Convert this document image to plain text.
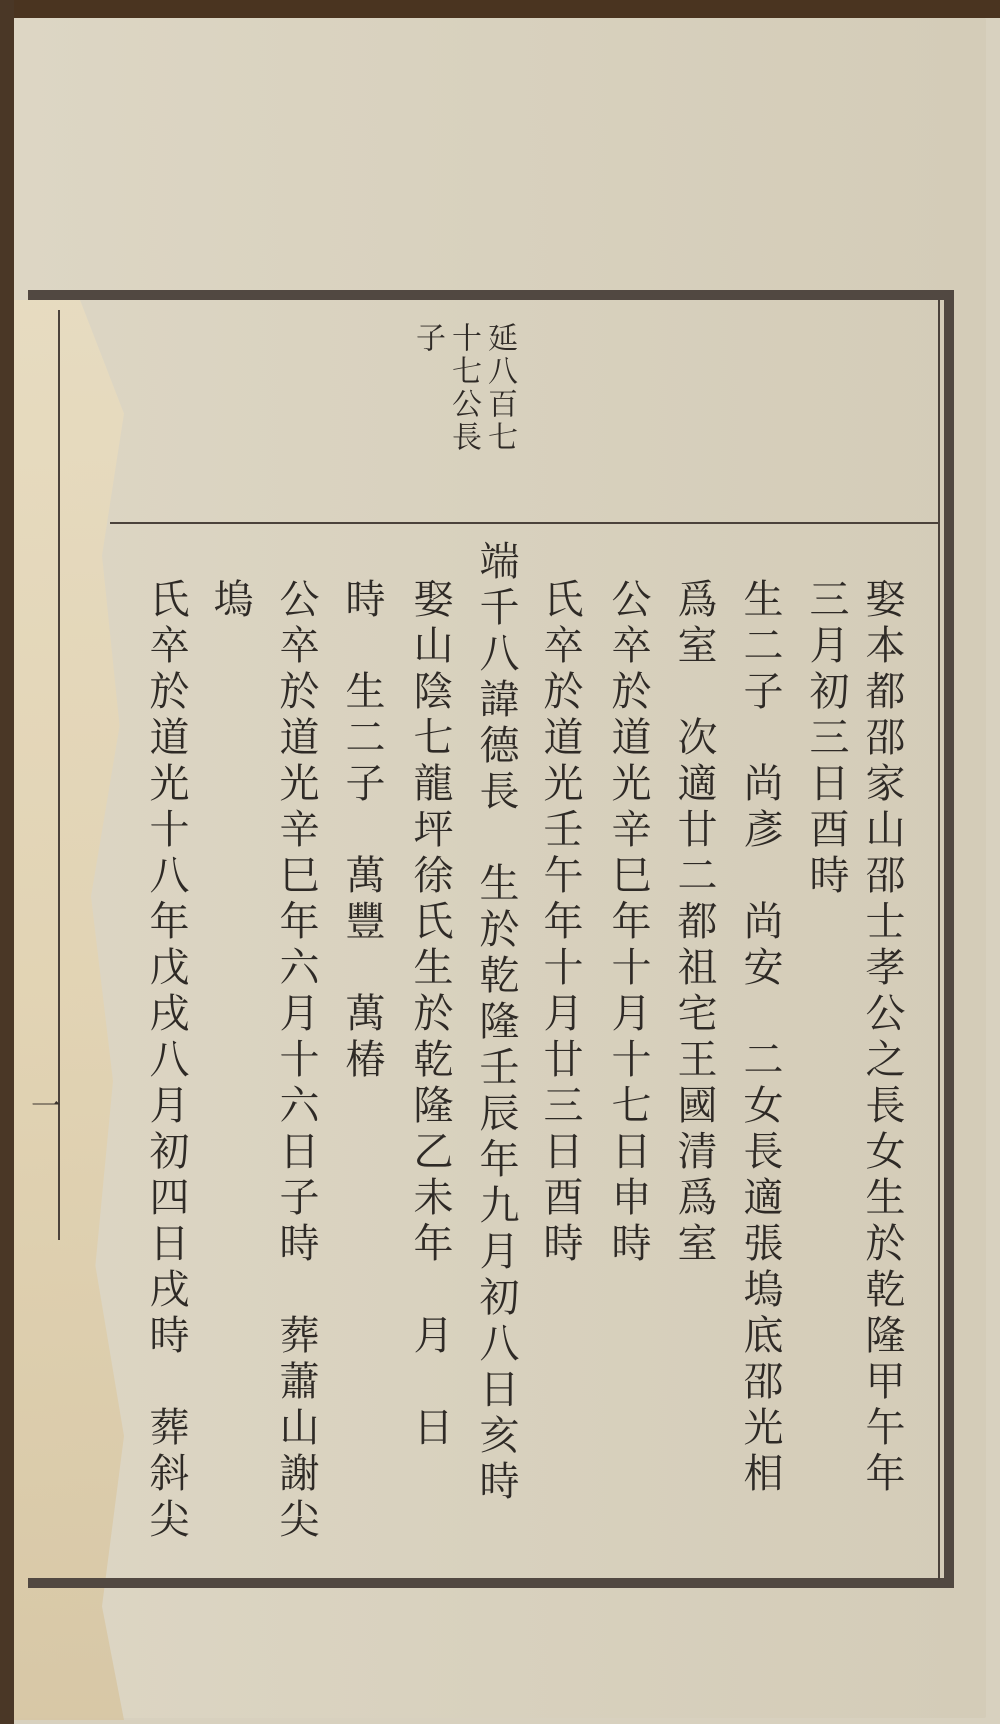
延八百七
十七公長
子
娶本都邵家山邵士孝公之長女生於乾隆甲午年
三月初三日酉時
生二子　尚彥　尚安　二女長適張塢底邵光相
爲室　次適廿二都祖宅王國清爲室
公卒於道光辛巳年十月十七日申時
氏卒於道光壬午年十月廿三日酉時
端千八諱德長　生於乾隆壬辰年九月初八日亥時
娶山陰七龍坪徐氏生於乾隆乙未年　月　日
時　生二子　萬豐　萬椿
公卒於道光辛巳年六月十六日子時　葬蕭山謝尖
塢
氏卒於道光十八年戊戌八月初四日戌時　葬斜尖
一
